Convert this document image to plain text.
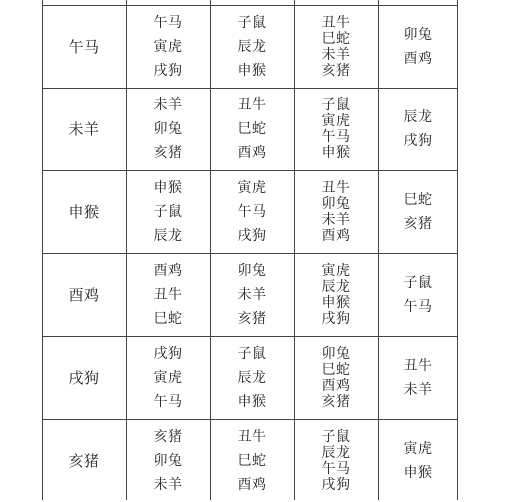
午马
午马
寅虎
戌狗
子鼠
辰龙
申猴
丑牛
巳蛇
未羊
亥猪
卯兔
酉鸡
未羊
未羊
卯兔
亥猪
丑牛
巳蛇
酉鸡
子鼠
寅虎
午马
申猴
辰龙
戌狗
申猴
申猴
子鼠
辰龙
寅虎
午马
戌狗
丑牛
卯兔
未羊
酉鸡
巳蛇
亥猪
酉鸡
酉鸡
丑牛
巳蛇
卯兔
未羊
亥猪
寅虎
辰龙
申猴
戌狗
子鼠
午马
戌狗
戌狗
寅虎
午马
子鼠
辰龙
申猴
卯兔
巳蛇
酉鸡
亥猪
丑牛
未羊
亥猪
亥猪
卯兔
未羊
丑牛
巳蛇
酉鸡
子鼠
辰龙
午马
戌狗
寅虎
申猴
